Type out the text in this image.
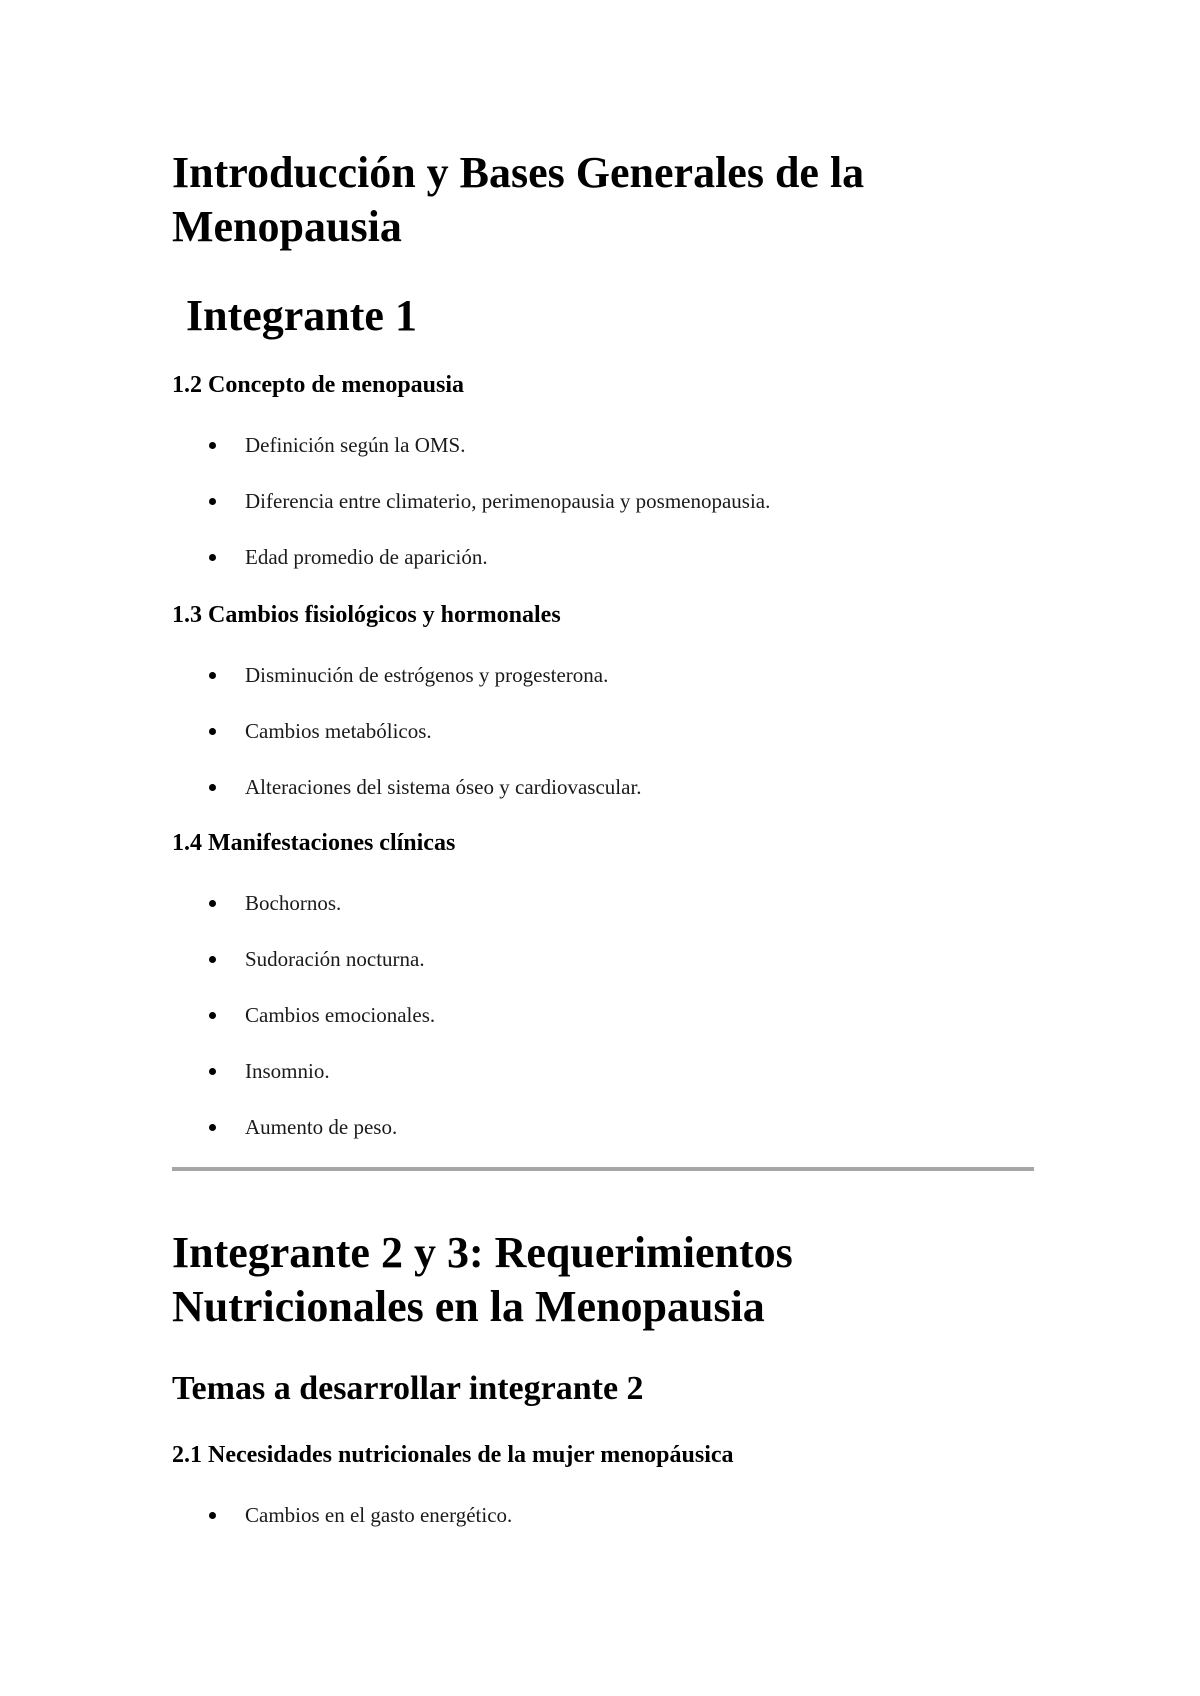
Introducción y Bases Generales de la
Menopausia
Integrante 1
1.2 Concepto de menopausia
Definición según la OMS.
Diferencia entre climaterio, perimenopausia y posmenopausia.
Edad promedio de aparición.
1.3 Cambios fisiológicos y hormonales
Disminución de estrógenos y progesterona.
Cambios metabólicos.
Alteraciones del sistema óseo y cardiovascular.
1.4 Manifestaciones clínicas
Bochornos.
Sudoración nocturna.
Cambios emocionales.
Insomnio.
Aumento de peso.
Integrante 2 y 3: Requerimientos
Nutricionales en la Menopausia
Temas a desarrollar integrante 2
2.1 Necesidades nutricionales de la mujer menopáusica
Cambios en el gasto energético.
